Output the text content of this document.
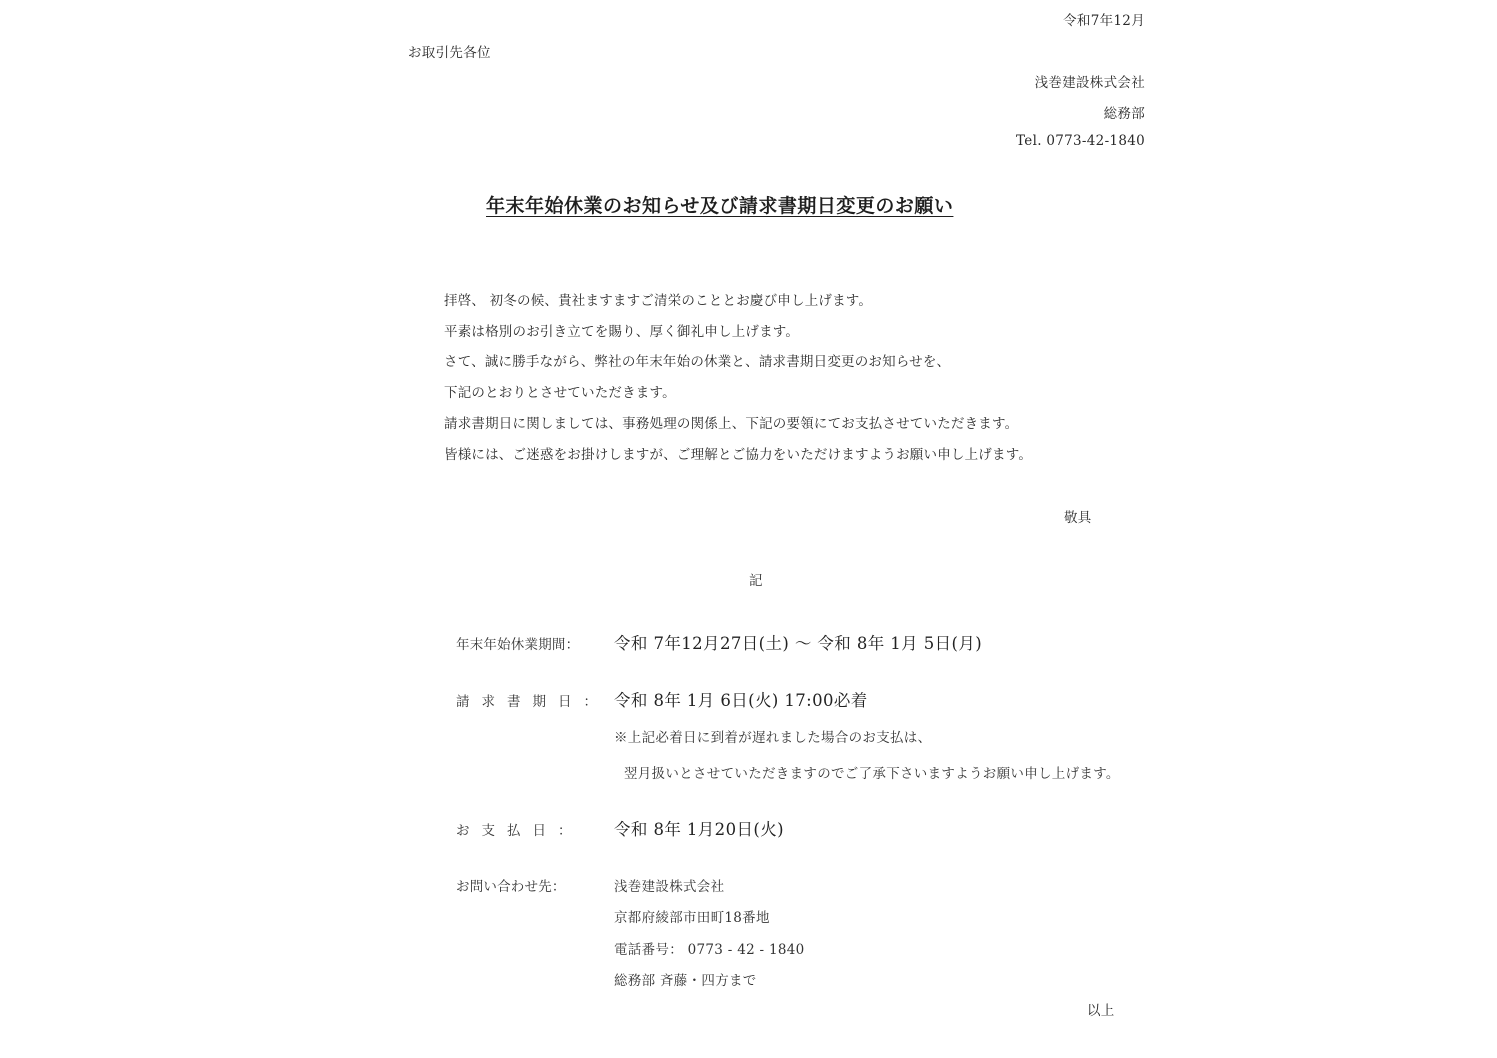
令和7年12月
お取引先各位
浅巻建設株式会社
総務部
Tel. 0773-42-1840
年末年始休業のお知らせ及び請求書期日変更のお願い
拝啓、 初冬の候、貴社ますますご清栄のこととお慶び申し上げます。
平素は格別のお引き立てを賜り、厚く御礼申し上げます。
さて、誠に勝手ながら、弊社の年末年始の休業と、請求書期日変更のお知らせを、
下記のとおりとさせていただきます。
請求書期日に関しましては、事務処理の関係上、下記の要領にてお支払させていただきます。
皆様には、ご迷惑をお掛けしますが、ご理解とご協力をいただけますようお願い申し上げます。
敬具
記
年末年始休業期間： 令和 7年12月27日(土) ～ 令和 8年 1月 5日(月)
請求書期日： 令和 8年 1月 6日(火) 17:00必着
※上記必着日に到着が遅れました場合のお支払は、
翌月扱いとさせていただきますのでご了承下さいますようお願い申し上げます。
お支払日： 令和 8年 1月20日(火)
お問い合わせ先：	浅巻建設株式会社
京都府綾部市田町18番地
電話番号： 0773 - 42 - 1840
総務部 斉藤・四方まで
以上
